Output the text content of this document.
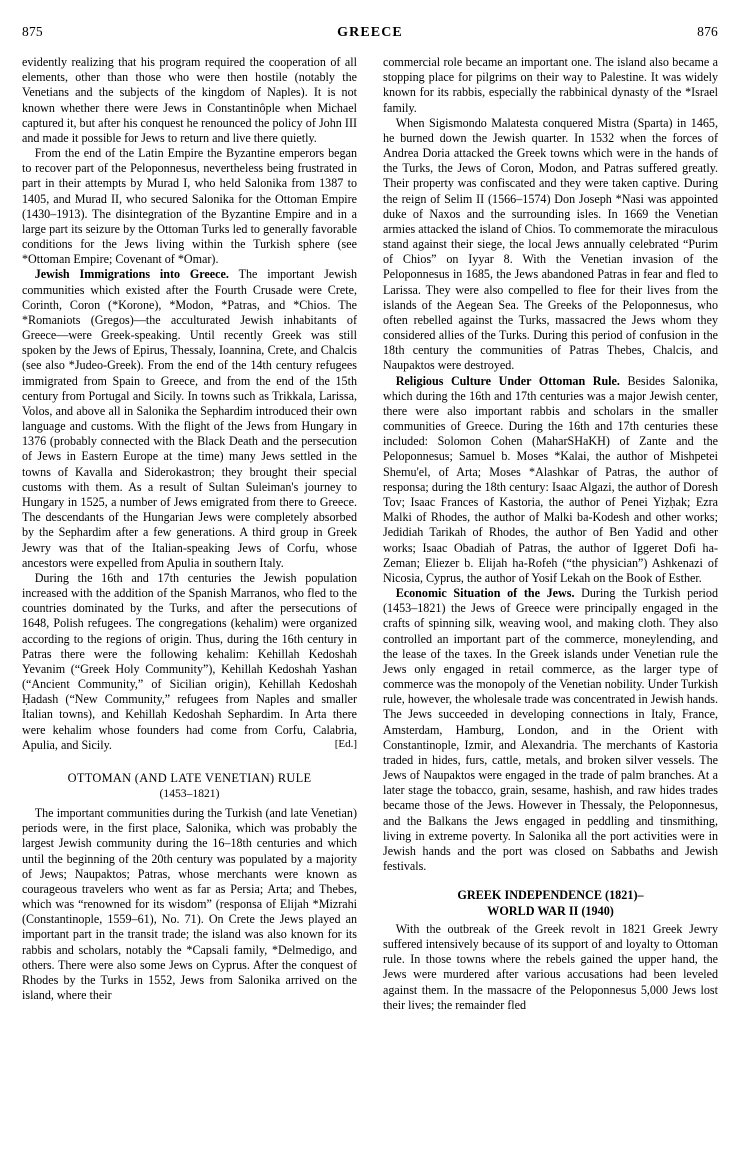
875	GREECE	876

evidently realizing that his program required the cooperation of all elements, other than those who were then hostile (notably the Venetians and the subjects of the kingdom of Naples). It is not known whether there were Jews in Constantinôple when Michael captured it, but after his conquest he renounced the policy of John III and made it possible for Jews to return and live there quietly.

From the end of the Latin Empire the Byzantine emperors began to recover part of the Peloponnesus, nevertheless being frustrated in part in their attempts by Murad I, who held Salonika from 1387 to 1405, and Murad II, who secured Salonika for the Ottoman Empire (1430–1913). The disintegration of the Byzantine Empire and in a large part its seizure by the Ottoman Turks led to generally favorable conditions for the Jews living within the Turkish sphere (see *Ottoman Empire; Covenant of *Omar).

Jewish Immigrations into Greece. The important Jewish communities which existed after the Fourth Crusade were Crete, Corinth, Coron (*Korone), *Modon, *Patras, and *Chios. The *Romaniots (Gregos)—the acculturated Jewish inhabitants of Greece—were Greek-speaking. Until recently Greek was still spoken by the Jews of Epirus, Thessaly, Ioannina, Crete, and Chalcis (see also *Judeo-Greek). From the end of the 14th century refugees immigrated from Spain to Greece, and from the end of the 15th century from Portugal and Sicily. In towns such as Trikkala, Larissa, Volos, and above all in Salonika the Sephardim introduced their own language and customs. With the flight of the Jews from Hungary in 1376 (probably connected with the Black Death and the persecution of Jews in Eastern Europe at the time) many Jews settled in the towns of Kavalla and Siderokastron; they brought their special customs with them. As a result of Sultan Suleiman's journey to Hungary in 1525, a number of Jews emigrated from there to Greece. The descendants of the Hungarian Jews were completely absorbed by the Sephardim after a few generations. A third group in Greek Jewry was that of the Italian-speaking Jews of Corfu, whose ancestors were expelled from Apulia in southern Italy.

During the 16th and 17th centuries the Jewish population increased with the addition of the Spanish Marranos, who fled to the countries dominated by the Turks, and after the persecutions of 1648, Polish refugees. The congregations (kehalim) were organized according to the regions of origin. Thus, during the 16th century in Patras there were the following kehalim: Kehillah Kedoshah Yevanim (“Greek Holy Community”), Kehillah Kedoshah Yashan (“Ancient Community,” of Sicilian origin), Kehillah Kedoshah Ḥadash (“New Community,” refugees from Naples and smaller Italian towns), and Kehillah Kedoshah Sephardim. In Arta there were kehalim whose founders had come from Corfu, Calabria, Apulia, and Sicily.	[Ed.]

OTTOMAN (AND LATE VENETIAN) RULE

(1453–1821)

The important communities during the Turkish (and late Venetian) periods were, in the first place, Salonika, which was probably the largest Jewish community during the 16–18th centuries and which until the beginning of the 20th century was populated by a majority of Jews; Naupaktos; Patras, whose merchants were known as courageous travelers who went as far as Persia; Arta; and Thebes, which was “renowned for its wisdom” (responsa of Elijah *Mizrahi (Constantinople, 1559–61), No. 71). On Crete the Jews played an important part in the transit trade; the island was also known for its rabbis and scholars, notably the *Capsali family, *Delmedigo, and others. There were also some Jews on Cyprus. After the conquest of Rhodes by the Turks in 1552, Jews from Salonika arrived on the island, where their

commercial role became an important one. The island also became a stopping place for pilgrims on their way to Palestine. It was widely known for its rabbis, especially the rabbinical dynasty of the *Israel family.

When Sigismondo Malatesta conquered Mistra (Sparta) in 1465, he burned down the Jewish quarter. In 1532 when the forces of Andrea Doria attacked the Greek towns which were in the hands of the Turks, the Jews of Coron, Modon, and Patras suffered greatly. Their property was confiscated and they were taken captive. During the reign of Selim II (1566–1574) Don Joseph *Nasi was appointed duke of Naxos and the surrounding isles. In 1669 the Venetian armies attacked the island of Chios. To commemorate the miraculous stand against their siege, the local Jews annually celebrated “Purim of Chios” on Iyyar 8. With the Venetian invasion of the Peloponnesus in 1685, the Jews abandoned Patras in fear and fled to Larissa. They were also compelled to flee for their lives from the islands of the Aegean Sea. The Greeks of the Peloponnesus, who often rebelled against the Turks, massacred the Jews whom they considered allies of the Turks. During this period of confusion in the 18th century the communities of Patras Thebes, Chalcis, and Naupaktos were destroyed.

Religious Culture Under Ottoman Rule. Besides Salonika, which during the 16th and 17th centuries was a major Jewish center, there were also important rabbis and scholars in the smaller communities of Greece. During the 16th and 17th centuries these included: Solomon Cohen (MaharSHaKH) of Zante and the Peloponnesus; Samuel b. Moses *Kalai, the author of Mishpetei Shemu'el, of Arta; Moses *Alashkar of Patras, the author of responsa; during the 18th century: Isaac Algazi, the author of Doresh Tov; Isaac Frances of Kastoria, the author of Penei Yiẓḥak; Ezra Malki of Rhodes, the author of Malki ba-Kodesh and other works; Jedidiah Tarikah of Rhodes, the author of Ben Yadid and other works; Isaac Obadiah of Patras, the author of Iggeret Dofi ha-Zeman; Eliezer b. Elijah ha-Rofeh (“the physician”) Ashkenazi of Nicosia, Cyprus, the author of Yosif Lekah on the Book of Esther.

Economic Situation of the Jews. During the Turkish period (1453–1821) the Jews of Greece were principally engaged in the crafts of spinning silk, weaving wool, and making cloth. They also controlled an important part of the commerce, moneylending, and the lease of the taxes. In the Greek islands under Venetian rule the Jews only engaged in retail commerce, as the larger type of commerce was the monopoly of the Venetian nobility. Under Turkish rule, however, the wholesale trade was concentrated in Jewish hands. The Jews succeeded in developing connections in Italy, France, Amsterdam, Hamburg, London, and in the Orient with Constantinople, Izmir, and Alexandria. The merchants of Kastoria traded in hides, furs, cattle, metals, and broken silver vessels. The Jews of Naupaktos were engaged in the trade of palm branches. At a later stage the tobacco, grain, sesame, hashish, and raw hides trades became those of the Jews. However in Thessaly, the Peloponnesus, and the Balkans the Jews engaged in peddling and tinsmithing, living in extreme poverty. In Salonika all the port activities were in Jewish hands and the port was closed on Sabbaths and Jewish festivals.

GREEK INDEPENDENCE (1821)–

WORLD WAR II (1940)

With the outbreak of the Greek revolt in 1821 Greek Jewry suffered intensively because of its support of and loyalty to Ottoman rule. In those towns where the rebels gained the upper hand, the Jews were murdered after various accusations had been leveled against them. In the massacre of the Peloponnesus 5,000 Jews lost their lives; the remainder fled
